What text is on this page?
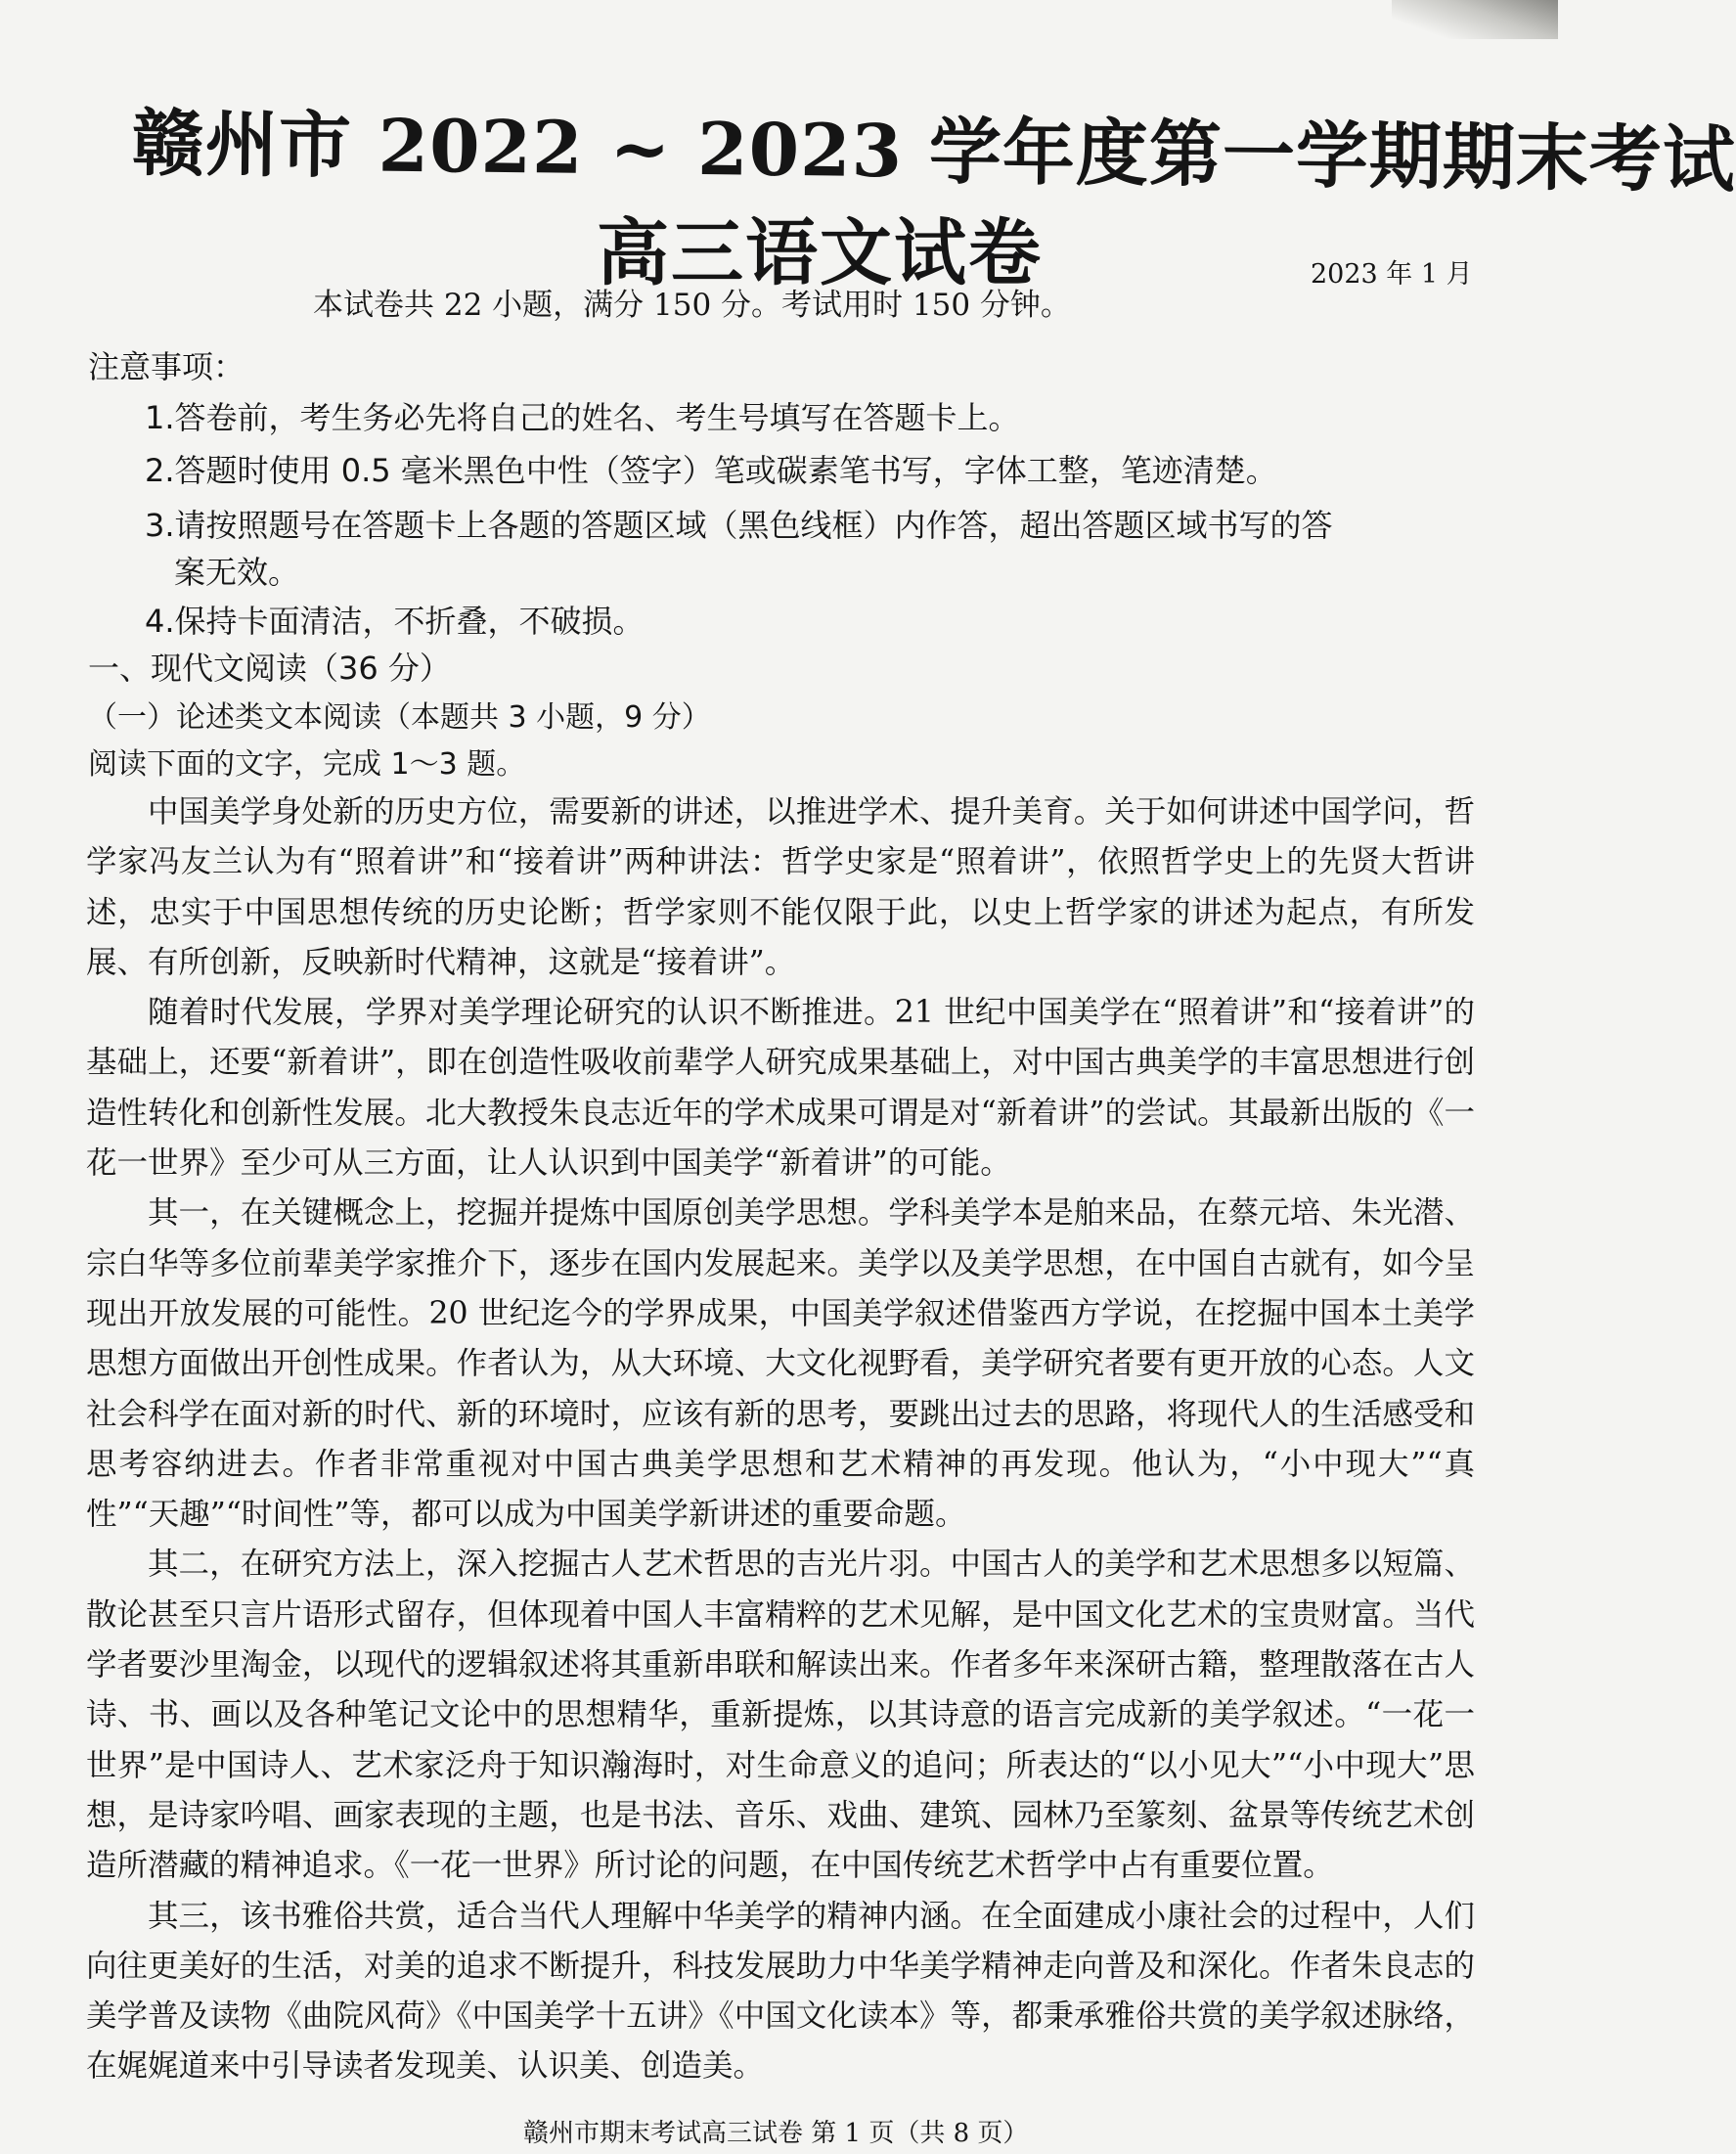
赣州市 2022 ~ 2023 学年度第一学期期末考试
高三语文试卷	2023 年 1 月
本试卷共 22 小题，满分 150 分。考试用时 150 分钟。
注意事项：
1.答卷前，考生务必先将自己的姓名、考生号填写在答题卡上。
2.答题时使用 0.5 毫米黑色中性（签字）笔或碳素笔书写，字体工整，笔迹清楚。
3.请按照题号在答题卡上各题的答题区域（黑色线框）内作答，超出答题区域书写的答
案无效。
4.保持卡面清洁，不折叠，不破损。
一、现代文阅读（36 分）
（一）论述类文本阅读（本题共 3 小题，9 分）
阅读下面的文字，完成 1～3 题。

中国美学身处新的历史方位，需要新的讲述，以推进学术、提升美育。关于如何讲述中国学问，哲学家冯友兰认为有“照着讲”和“接着讲”两种讲法：哲学史家是“照着讲”，依照哲学史上的先贤大哲讲述，忠实于中国思想传统的历史论断；哲学家则不能仅限于此，以史上哲学家的讲述为起点，有所发展、有所创新，反映新时代精神，这就是“接着讲”。

随着时代发展，学界对美学理论研究的认识不断推进。21 世纪中国美学在“照着讲”和“接着讲”的基础上，还要“新着讲”，即在创造性吸收前辈学人研究成果基础上，对中国古典美学的丰富思想进行创造性转化和创新性发展。北大教授朱良志近年的学术成果可谓是对“新着讲”的尝试。其最新出版的《一花一世界》至少可从三方面，让人认识到中国美学“新着讲”的可能。

其一，在关键概念上，挖掘并提炼中国原创美学思想。学科美学本是舶来品，在蔡元培、朱光潜、宗白华等多位前辈美学家推介下，逐步在国内发展起来。美学以及美学思想，在中国自古就有，如今呈现出开放发展的可能性。20 世纪迄今的学界成果，中国美学叙述借鉴西方学说，在挖掘中国本土美学思想方面做出开创性成果。作者认为，从大环境、大文化视野看，美学研究者要有更开放的心态。人文社会科学在面对新的时代、新的环境时，应该有新的思考，要跳出过去的思路，将现代人的生活感受和思考容纳进去。作者非常重视对中国古典美学思想和艺术精神的再发现。他认为，“小中现大”“真性”“天趣”“时间性”等，都可以成为中国美学新讲述的重要命题。

其二，在研究方法上，深入挖掘古人艺术哲思的吉光片羽。中国古人的美学和艺术思想多以短篇、散论甚至只言片语形式留存，但体现着中国人丰富精粹的艺术见解，是中国文化艺术的宝贵财富。当代学者要沙里淘金，以现代的逻辑叙述将其重新串联和解读出来。作者多年来深研古籍，整理散落在古人诗、书、画以及各种笔记文论中的思想精华，重新提炼，以其诗意的语言完成新的美学叙述。“一花一世界”是中国诗人、艺术家泛舟于知识瀚海时，对生命意义的追问；所表达的“以小见大”“小中现大”思想，是诗家吟唱、画家表现的主题，也是书法、音乐、戏曲、建筑、园林乃至篆刻、盆景等传统艺术创造所潜藏的精神追求。《一花一世界》所讨论的问题，在中国传统艺术哲学中占有重要位置。

其三，该书雅俗共赏，适合当代人理解中华美学的精神内涵。在全面建成小康社会的过程中，人们向往更美好的生活，对美的追求不断提升，科技发展助力中华美学精神走向普及和深化。作者朱良志的美学普及读物《曲院风荷》《中国美学十五讲》《中国文化读本》等，都秉承雅俗共赏的美学叙述脉络，在娓娓道来中引导读者发现美、认识美、创造美。

赣州市期末考试高三试卷 第 1 页（共 8 页）
